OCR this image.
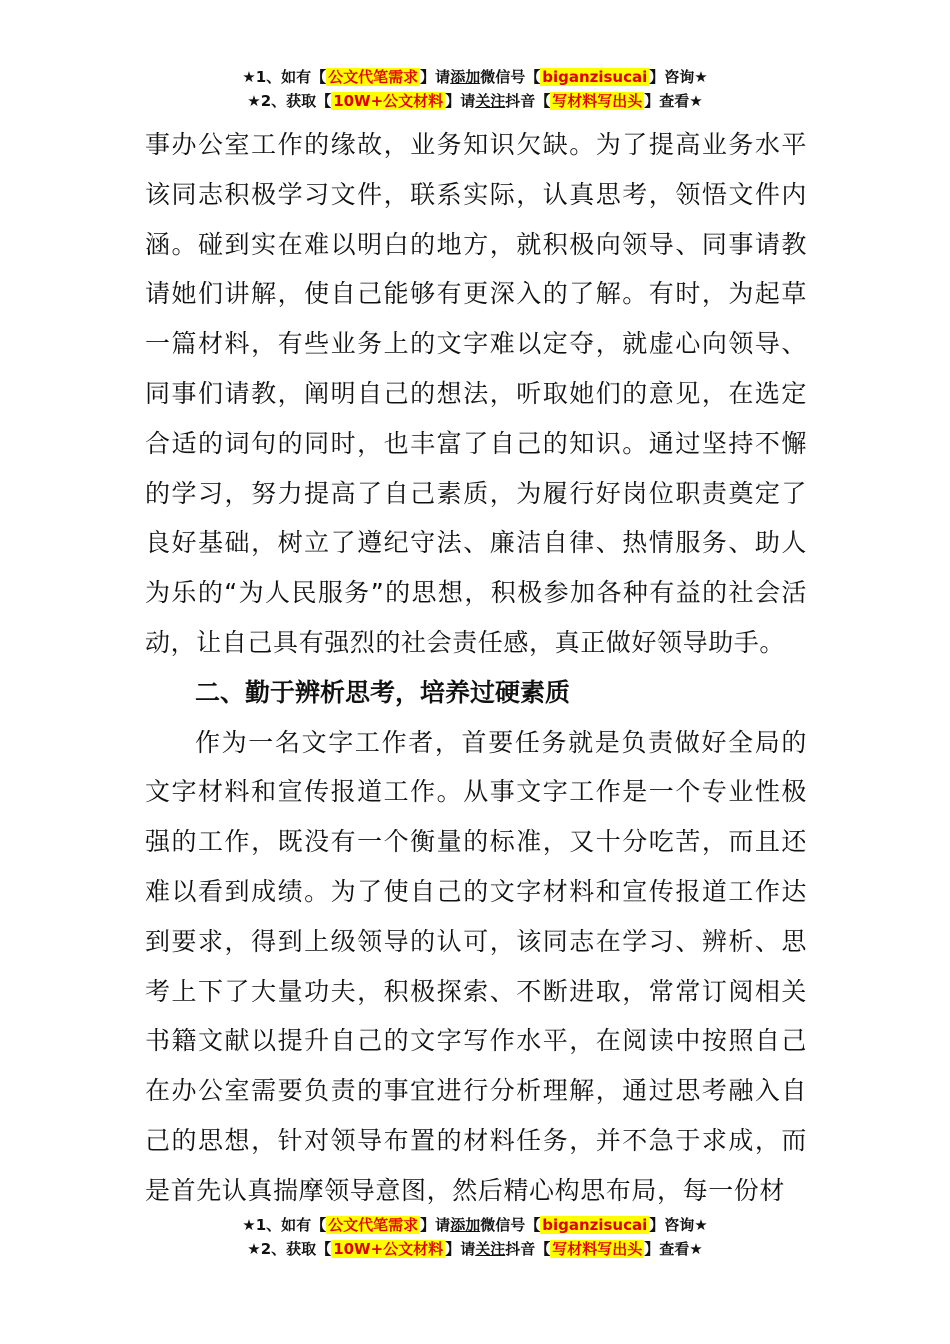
★1、如有【 公文代笔需求 】请添加微信号【 biganzisucai 】咨询★
★2、获取【 10W+公文材料 】请关注抖音【 写材料写出头 】查看★

事办公室工作的缘故，业务知识欠缺。为了提高业务水平该同志积极学习文件，联系实际，认真思考，领悟文件内涵。碰到实在难以明白的地方，就积极向领导、同事请教请她们讲解，使自己能够有更深入的了解。有时，为起草一篇材料，有些业务上的文字难以定夺，就虚心向领导、同事们请教，阐明自己的想法，听取她们的意见，在选定合适的词句的同时，也丰富了自己的知识。通过坚持不懈的学习，努力提高了自己素质，为履行好岗位职责奠定了良好基础，树立了遵纪守法、廉洁自律、热情服务、助人为乐的“为人民服务”的思想，积极参加各种有益的社会活动，让自己具有强烈的社会责任感，真正做好领导助手。

二、勤于辨析思考，培养过硬素质

作为一名文字工作者，首要任务就是负责做好全局的文字材料和宣传报道工作。从事文字工作是一个专业性极强的工作，既没有一个衡量的标准，又十分吃苦，而且还难以看到成绩。为了使自己的文字材料和宣传报道工作达到要求，得到上级领导的认可，该同志在学习、辨析、思考上下了大量功夫，积极探索、不断进取，常常订阅相关书籍文献以提升自己的文字写作水平，在阅读中按照自己在办公室需要负责的事宜进行分析理解，通过思考融入自己的思想，针对领导布置的材料任务，并不急于求成，而是首先认真揣摩领导意图，然后精心构思布局，每一份材

★1、如有【 公文代笔需求 】请添加微信号【 biganzisucai 】咨询★
★2、获取【 10W+公文材料 】请关注抖音【 写材料写出头 】查看★
